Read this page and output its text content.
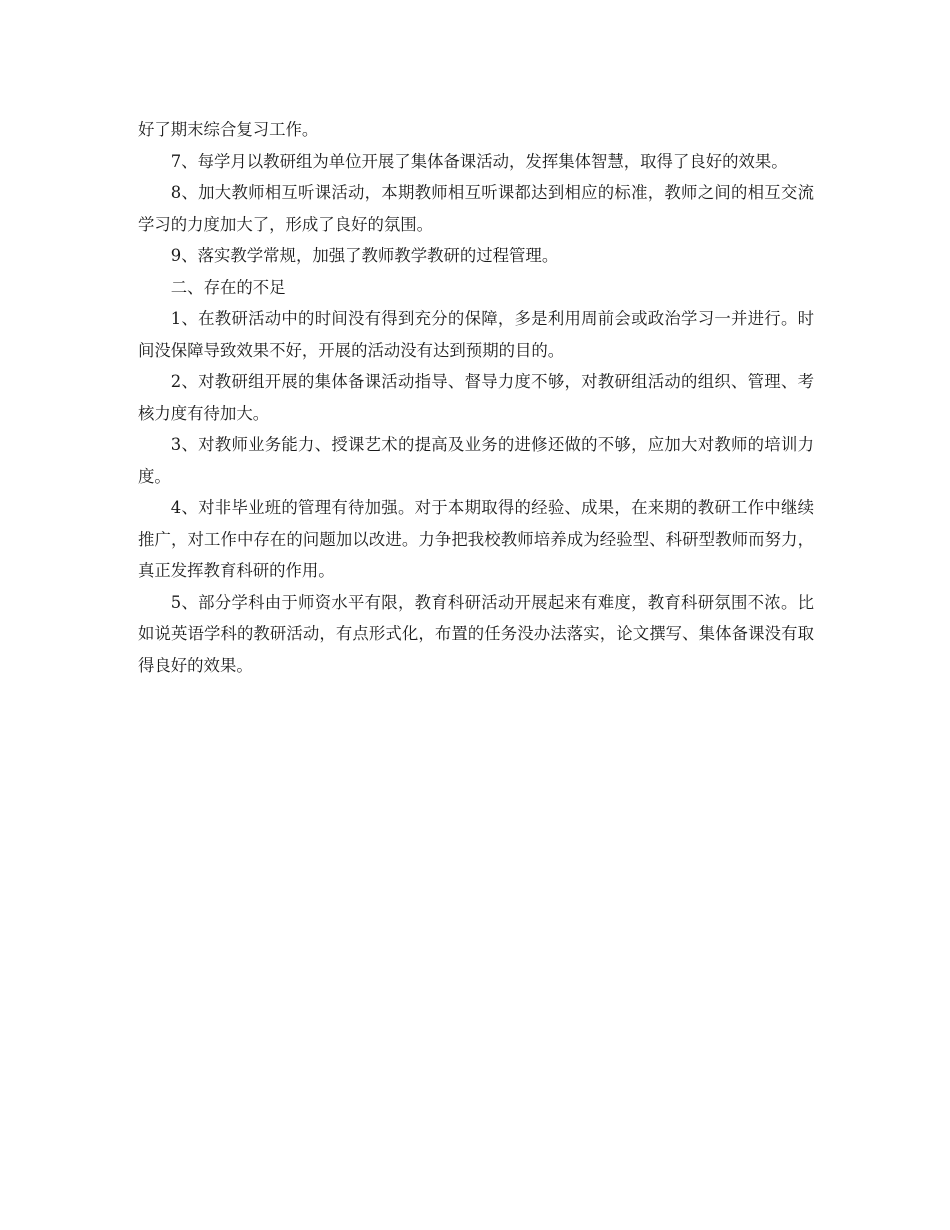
好了期末综合复习工作。

7、每学月以教研组为单位开展了集体备课活动，发挥集体智慧，取得了良好的效果。

8、加大教师相互听课活动，本期教师相互听课都达到相应的标准，教师之间的相互交流学习的力度加大了，形成了良好的氛围。

9、落实教学常规，加强了教师教学教研的过程管理。

二、存在的不足

1、在教研活动中的时间没有得到充分的保障，多是利用周前会或政治学习一并进行。时间没保障导致效果不好，开展的活动没有达到预期的目的。

2、对教研组开展的集体备课活动指导、督导力度不够，对教研组活动的组织、管理、考核力度有待加大。

3、对教师业务能力、授课艺术的提高及业务的进修还做的不够，应加大对教师的培训力度。

4、对非毕业班的管理有待加强。对于本期取得的经验、成果，在来期的教研工作中继续推广，对工作中存在的问题加以改进。力争把我校教师培养成为经验型、科研型教师而努力，真正发挥教育科研的作用。

5、部分学科由于师资水平有限，教育科研活动开展起来有难度，教育科研氛围不浓。比如说英语学科的教研活动，有点形式化，布置的任务没办法落实，论文撰写、集体备课没有取得良好的效果。
